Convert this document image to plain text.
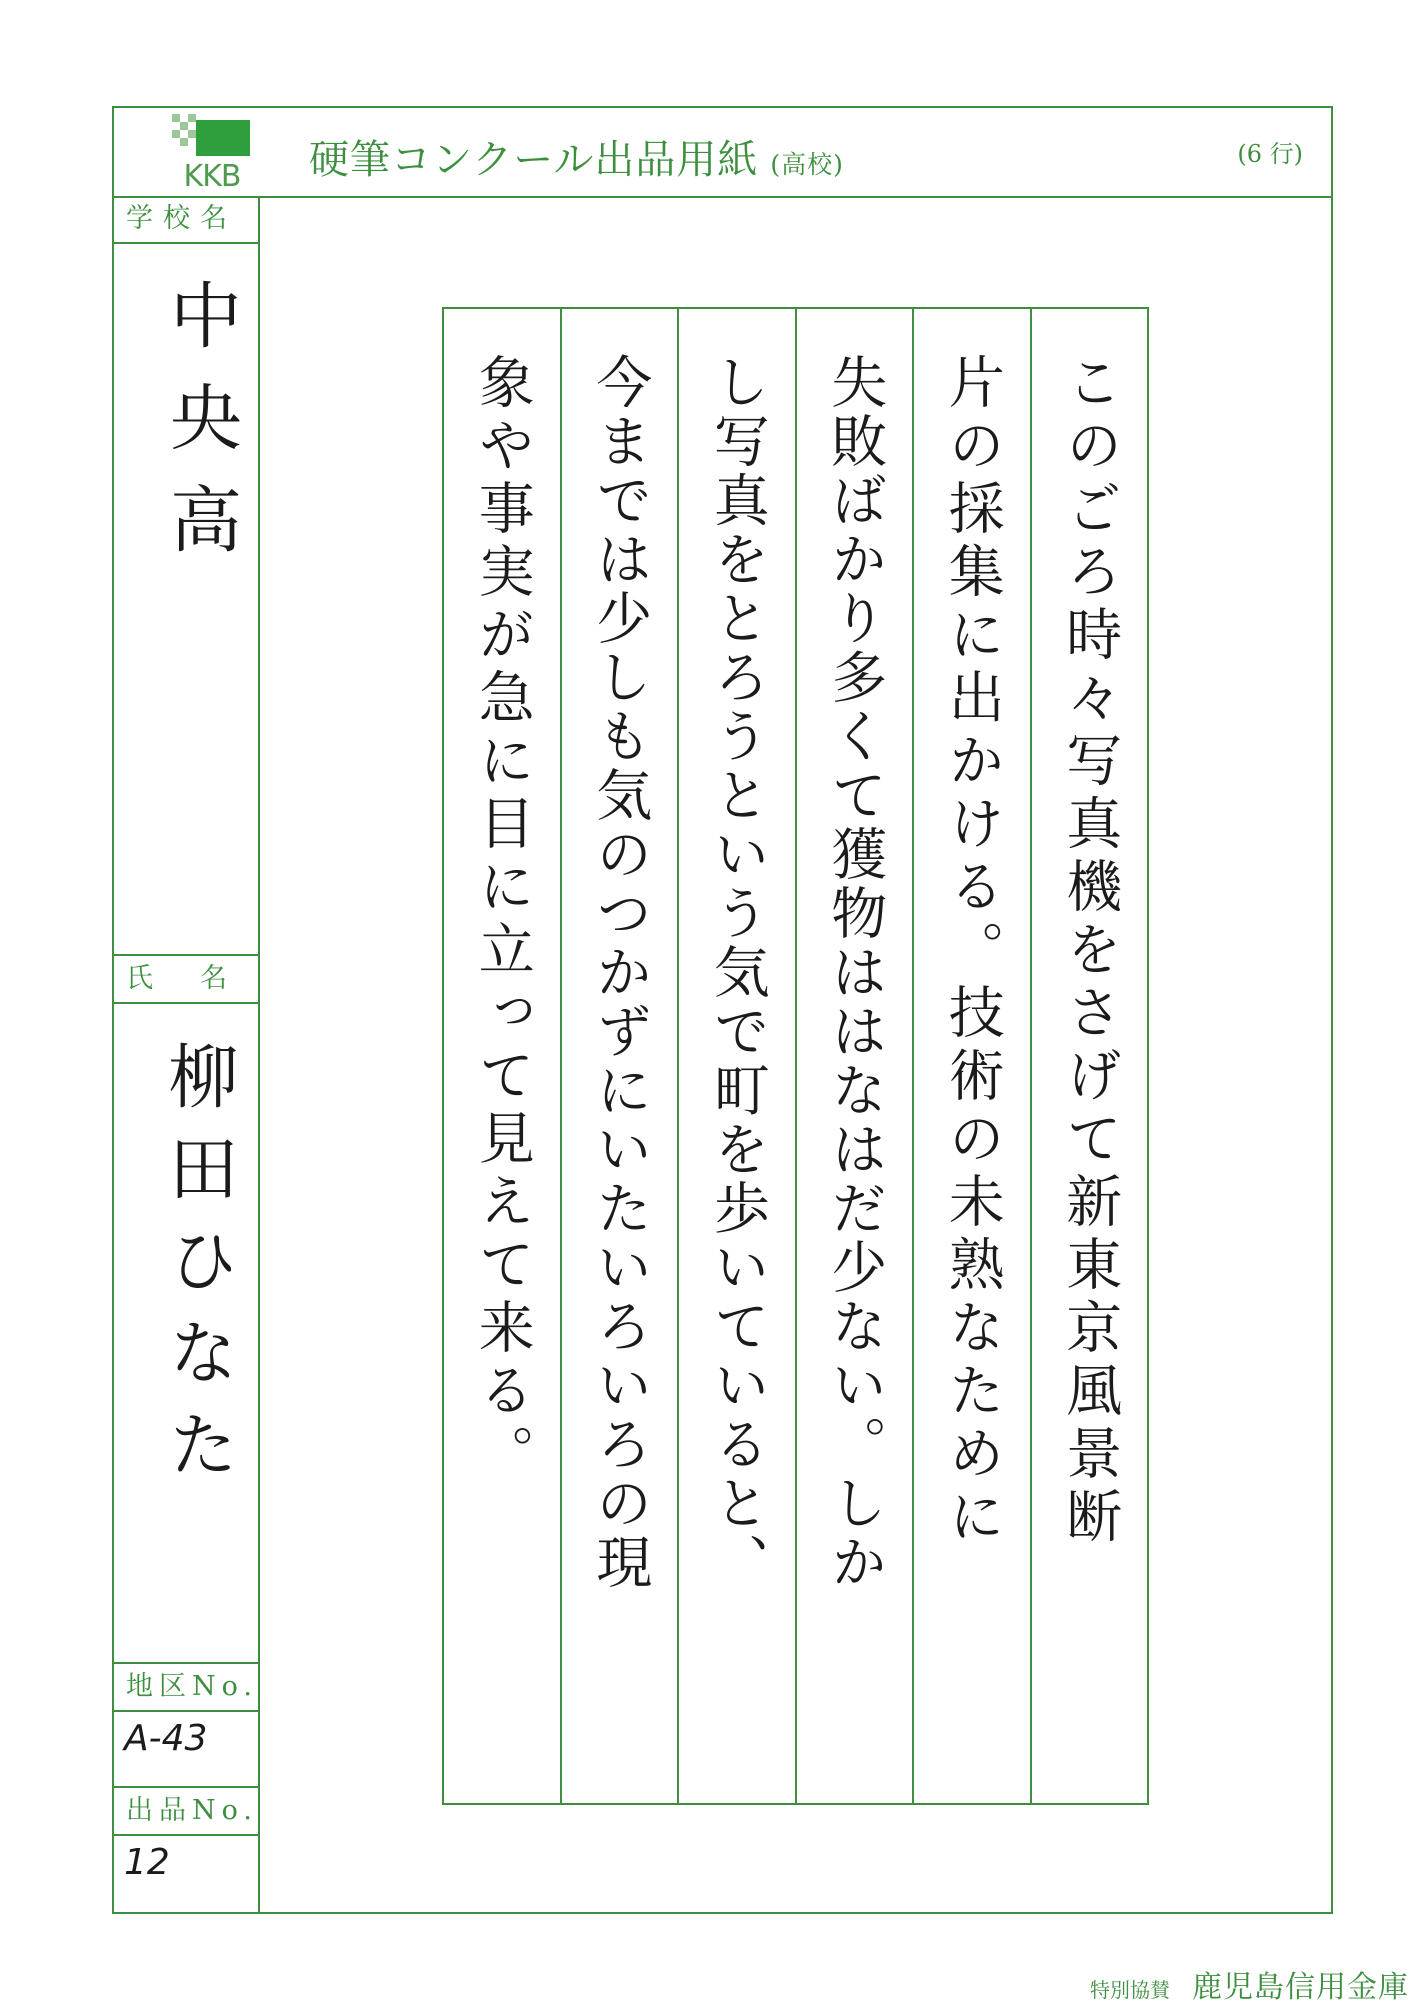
KKB 硬筆コンクール出品用紙 (高校)	(6 行)
学校名
中央高
氏　名
柳田ひなた
地区No.
A-43
出品No.
12
このごろ時々写真機をさげて新東京風景断
片の採集に出かける。技術の未熟なために
失敗ばかり多くて獲物ははなはだ少ない。しか
し写真をとろうという気で町を歩いていると、
今までは少しも気のつかずにいたいろいろの現
象や事実が急に目に立って見えて来る。
特別協賛 鹿児島信用金庫
